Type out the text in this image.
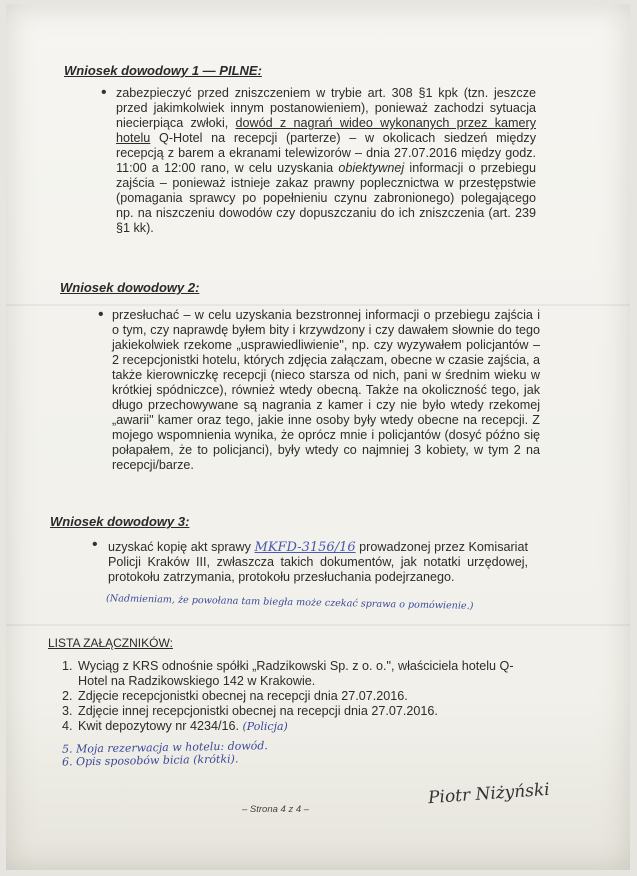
Wniosek dowodowy 1 — PILNE:
• zabezpieczyć przed zniszczeniem w trybie art. 308 §1 kpk (tzn. jeszcze przed jakimkolwiek innym postanowieniem), ponieważ zachodzi sytuacja niecierpiąca zwłoki, dowód z nagrań wideo wykonanych przez kamery hotelu Q-Hotel na recepcji (parterze) – w okolicach siedzeń między recepcją z barem a ekranami telewizorów – dnia 27.07.2016 między godz. 11:00 a 12:00 rano, w celu uzyskania obiektywnej informacji o przebiegu zajścia – ponieważ istnieje zakaz prawny poplecznictwa w przestępstwie (pomagania sprawcy po popełnieniu czynu zabronionego) polegającego np. na niszczeniu dowodów czy dopuszczaniu do ich zniszczenia (art. 239 §1 kk).
Wniosek dowodowy 2:
• przesłuchać – w celu uzyskania bezstronnej informacji o przebiegu zajścia i o tym, czy naprawdę byłem bity i krzywdzony i czy dawałem słownie do tego jakiekolwiek rzekome „usprawiedliwienie", np. czy wyzywałem policjantów – 2 recepcjonistki hotelu, których zdjęcia załączam, obecne w czasie zajścia, a także kierowniczkę recepcji (nieco starsza od nich, pani w średnim wieku w krótkiej spódniczce), również wtedy obecną. Także na okoliczność tego, jak długo przechowywane są nagrania z kamer i czy nie było wtedy rzekomej „awarii" kamer oraz tego, jakie inne osoby były wtedy obecne na recepcji. Z mojego wspomnienia wynika, że oprócz mnie i policjantów (dosyć późno się połapałem, że to policjanci), były wtedy co najmniej 3 kobiety, w tym 2 na recepcji/barze.
Wniosek dowodowy 3:
• uzyskać kopię akt sprawy MKFD-3156/16 prowadzonej przez Komisariat Policji Kraków III, zwłaszcza takich dokumentów, jak notatki urzędowej, protokołu zatrzymania, protokołu przesłuchania podejrzanego.
(Nadmieniam, że powołana tam biegła może czekać sprawa o pomówienie.)
LISTA ZAŁĄCZNIKÓW:
1. Wyciąg z KRS odnośnie spółki „Radzikowski Sp. z o. o.", właściciela hotelu Q-Hotel na Radzikowskiego 142 w Krakowie.
2. Zdjęcie recepcjonistki obecnej na recepcji dnia 27.07.2016.
3. Zdjęcie innej recepcjonistki obecnej na recepcji dnia 27.07.2016.
4. Kwit depozytowy nr 4234/16.
(Policja)
5. Moja rezerwacja w hotelu: dowód.
6. Opis sposobów bicia (krótki).
Piotr Niżyński
– Strona 4 z 4 –
